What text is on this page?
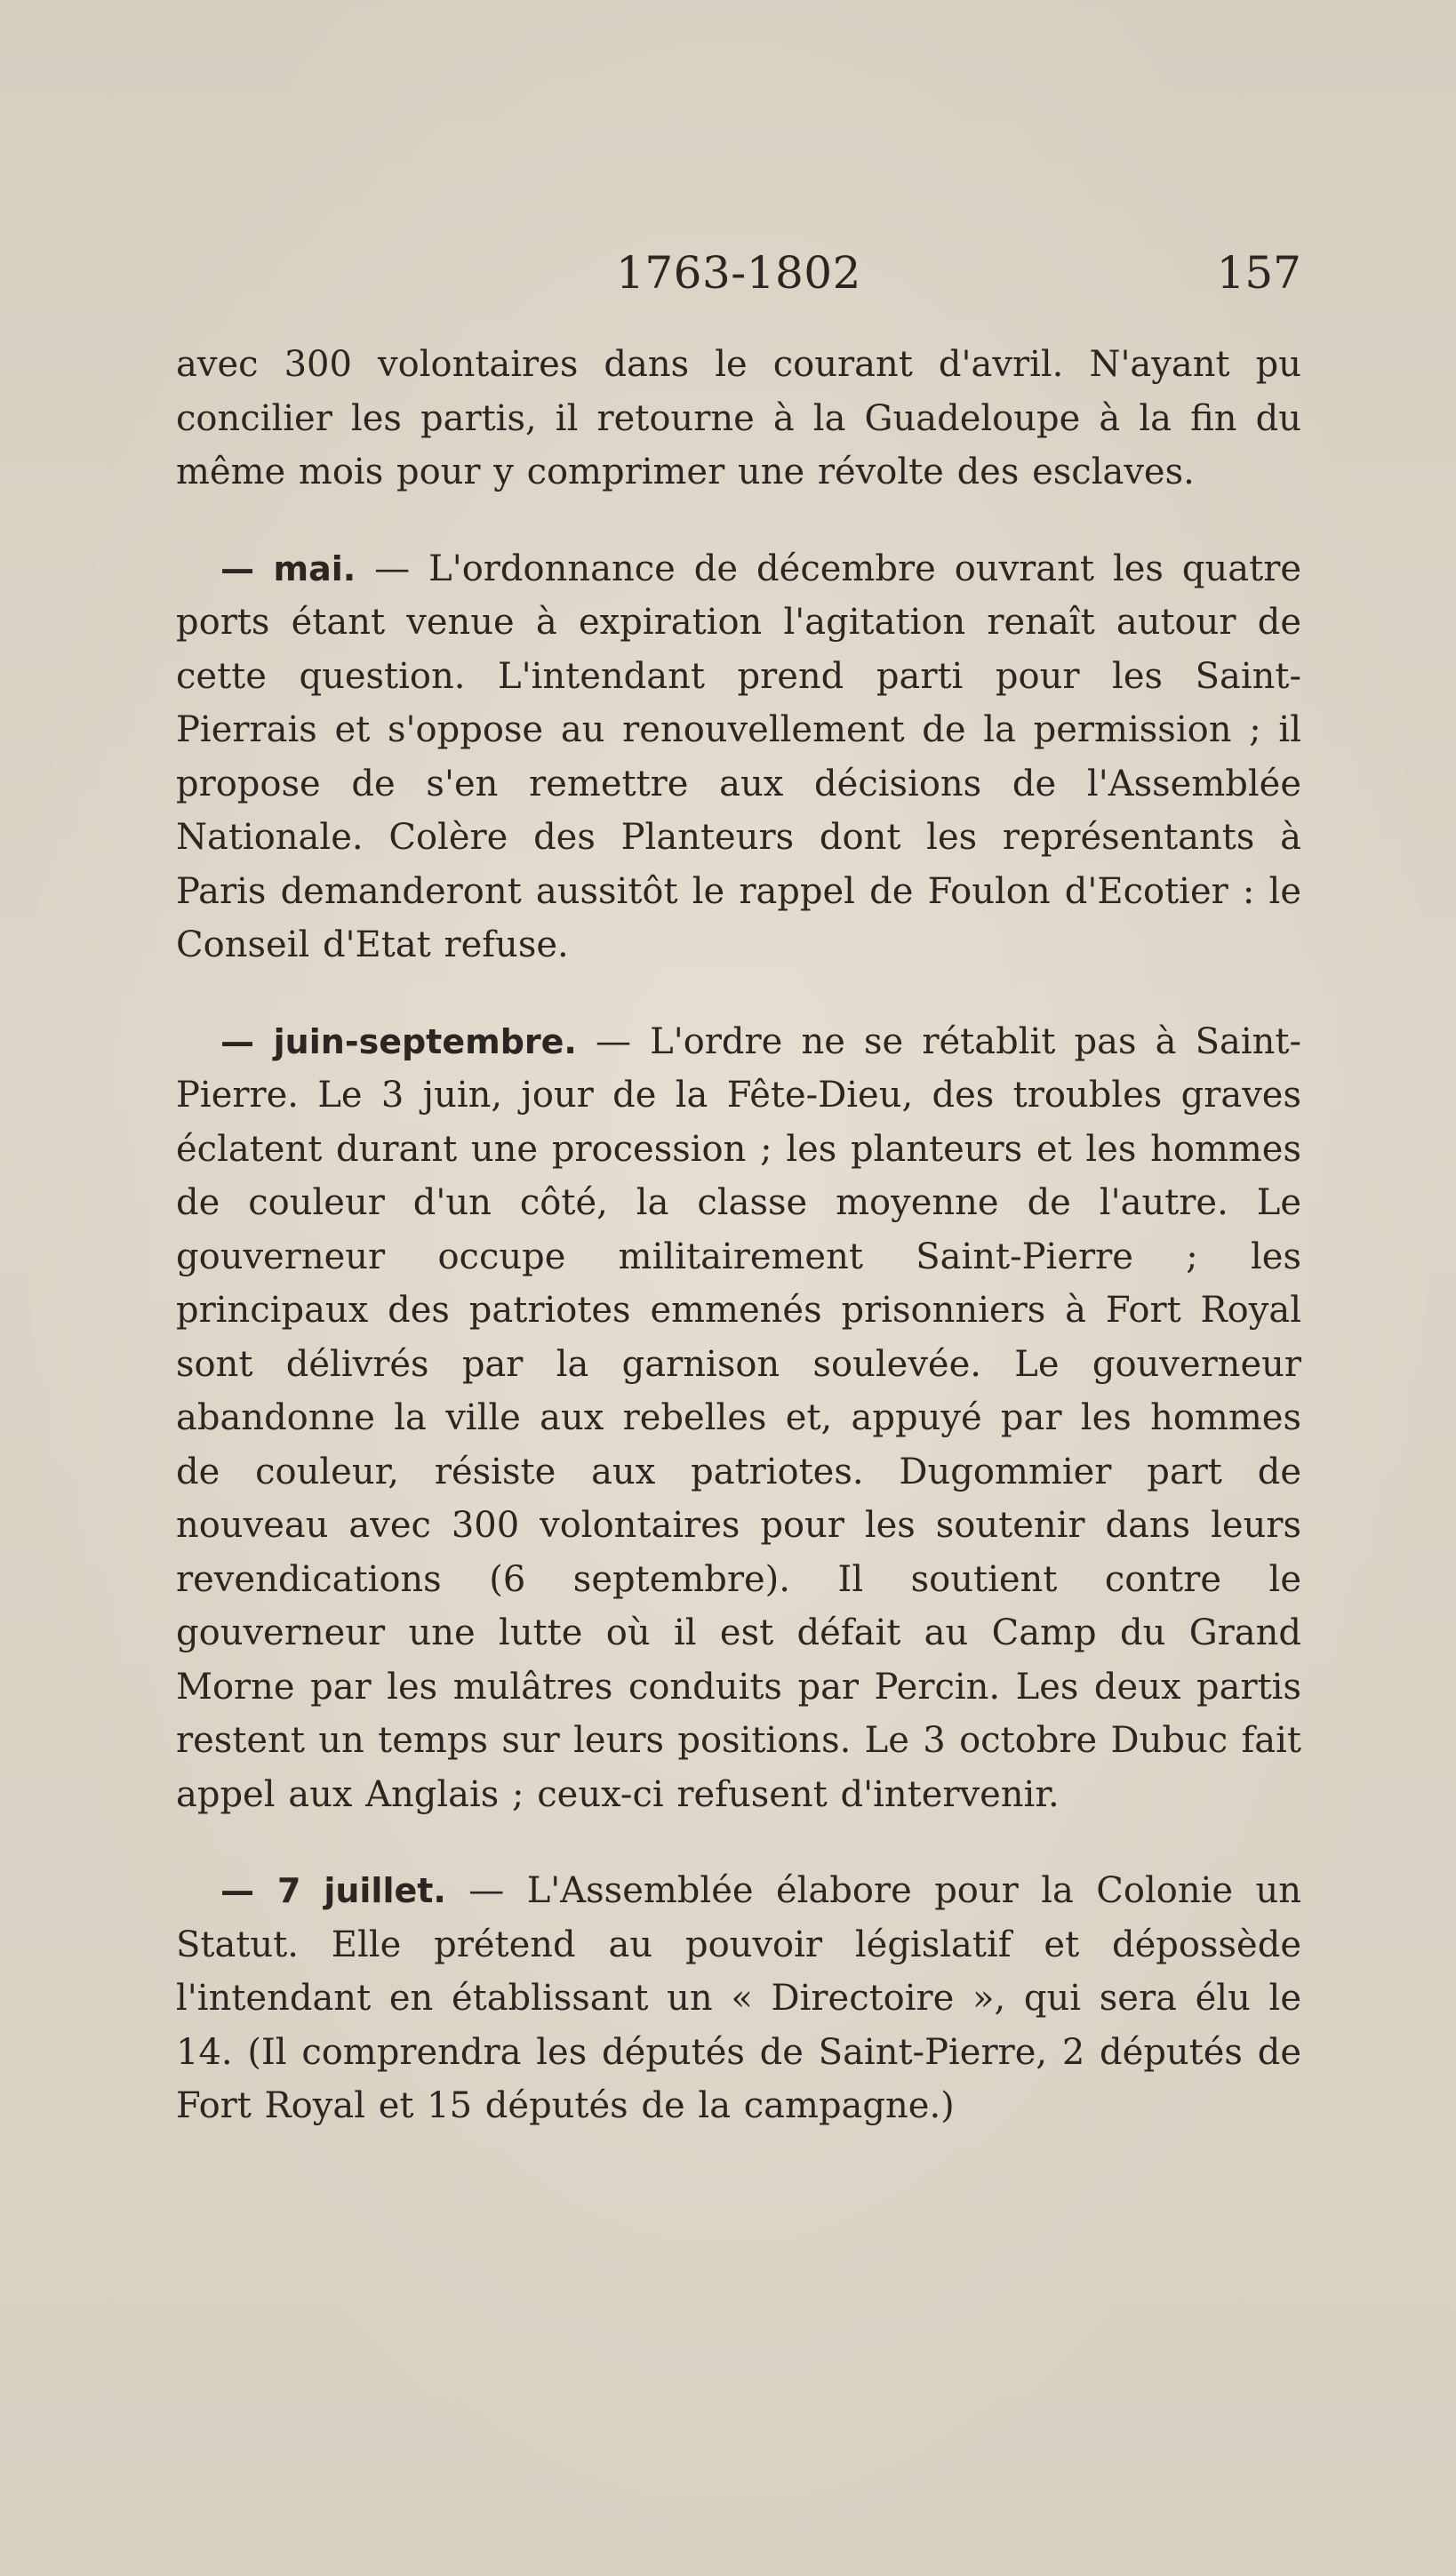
1763-1802	157

avec 300 volontaires dans le courant d'avril. N'ayant pu concilier les partis, il retourne à la Guadeloupe à la fin du même mois pour y comprimer une révolte des esclaves.

— mai. — L'ordonnance de décembre ouvrant les quatre ports étant venue à expiration l'agitation renaît autour de cette question. L'intendant prend parti pour les Saint-Pierrais et s'oppose au renouvellement de la permission ; il propose de s'en remettre aux décisions de l'Assemblée Nationale. Colère des Planteurs dont les représentants à Paris demanderont aussitôt le rappel de Foulon d'Ecotier : le Conseil d'Etat refuse.

— juin-septembre. — L'ordre ne se rétablit pas à Saint-Pierre. Le 3 juin, jour de la Fête-Dieu, des troubles graves éclatent durant une procession ; les planteurs et les hommes de couleur d'un côté, la classe moyenne de l'autre. Le gouverneur occupe militairement Saint-Pierre ; les principaux des patriotes emmenés prisonniers à Fort Royal sont délivrés par la garnison soulevée. Le gouverneur abandonne la ville aux rebelles et, appuyé par les hommes de couleur, résiste aux patriotes. Dugommier part de nouveau avec 300 volontaires pour les soutenir dans leurs revendications (6 septembre). Il soutient contre le gouverneur une lutte où il est défait au Camp du Grand Morne par les mulâtres conduits par Percin. Les deux partis restent un temps sur leurs positions. Le 3 octobre Dubuc fait appel aux Anglais ; ceux-ci refusent d'intervenir.

— 7 juillet. — L'Assemblée élabore pour la Colonie un Statut. Elle prétend au pouvoir législatif et dépossède l'intendant en établissant un « Directoire », qui sera élu le 14. (Il comprendra les députés de Saint-Pierre, 2 députés de Fort Royal et 15 députés de la campagne.)
